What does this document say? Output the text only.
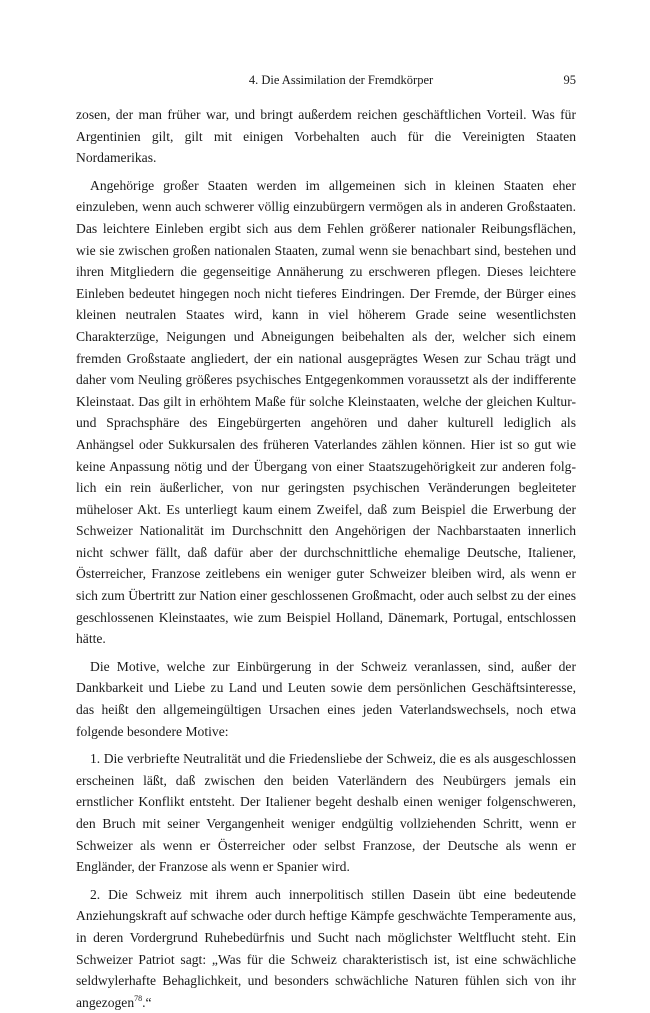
4. Die Assimilation der Fremdkörper	95

zosen, der man früher war, und bringt außerdem reichen geschäftlichen Vorteil. Was für Argentinien gilt, gilt mit einigen Vorbehalten auch für die Vereinigten Staaten Nordamerikas.

Angehörige großer Staaten werden im allgemeinen sich in kleinen Staaten eher einzuleben, wenn auch schwerer völlig einzubürgern vermögen als in anderen Großstaaten. Das leichtere Einleben ergibt sich aus dem Fehlen größerer nationaler Reibungsflächen, wie sie zwischen großen nationalen Staaten, zumal wenn sie benachbart sind, bestehen und ihren Mitgliedern die gegenseitige Annäherung zu erschweren pflegen. Dieses leichtere Einleben bedeutet hingegen noch nicht tieferes Eindringen. Der Fremde, der Bürger eines kleinen neutralen Staates wird, kann in viel höherem Grade seine wesentlichsten Charakterzüge, Neigungen und Abneigungen beibehalten als der, welcher sich einem fremden Großstaate angliedert, der ein national ausgeprägtes Wesen zur Schau trägt und daher vom Neuling größeres psychisches Entgegenkommen voraussetzt als der indifferente Kleinstaat. Das gilt in erhöhtem Maße für solche Kleinstaaten, welche der gleichen Kultur- und Sprachsphäre des Eingebürgerten angehören und daher kulturell lediglich als Anhängsel oder Sukkursalen des früheren Vaterlandes zählen können. Hier ist so gut wie keine Anpassung nötig und der Übergang von einer Staatszugehörigkeit zur anderen folglich ein rein äußerlicher, von nur geringsten psychischen Veränderungen begleiteter müheloser Akt. Es unterliegt kaum einem Zweifel, daß zum Beispiel die Erwerbung der Schweizer Nationalität im Durchschnitt den Angehörigen der Nachbarstaaten innerlich nicht schwer fällt, daß dafür aber der durchschnittliche ehemalige Deutsche, Italiener, Österreicher, Franzose zeitlebens ein weniger guter Schweizer bleiben wird, als wenn er sich zum Übertritt zur Nation einer geschlossenen Großmacht, oder auch selbst zu der eines geschlossenen Kleinstaates, wie zum Beispiel Holland, Dänemark, Portugal, entschlossen hätte.

Die Motive, welche zur Einbürgerung in der Schweiz veranlassen, sind, außer der Dankbarkeit und Liebe zu Land und Leuten sowie dem persönlichen Geschäftsinteresse, das heißt den allgemeingültigen Ursachen eines jeden Vaterlandswechsels, noch etwa folgende besondere Motive:

1. Die verbriefte Neutralität und die Friedensliebe der Schweiz, die es als ausgeschlossen erscheinen läßt, daß zwischen den beiden Vaterländern des Neubürgers jemals ein ernstlicher Konflikt entsteht. Der Italiener begeht deshalb einen weniger folgenschweren, den Bruch mit seiner Vergangenheit weniger endgültig vollziehenden Schritt, wenn er Schweizer als wenn er Österreicher oder selbst Franzose, der Deutsche als wenn er Engländer, der Franzose als wenn er Spanier wird.

2. Die Schweiz mit ihrem auch innerpolitisch stillen Dasein übt eine bedeutende Anziehungskraft auf schwache oder durch heftige Kämpfe geschwächte Temperamente aus, in deren Vordergrund Ruhebedürfnis und Sucht nach möglichster Weltflucht steht. Ein Schweizer Patriot sagt: „Was für die Schweiz charakteristisch ist, ist eine schwächliche seldwylerhafte Behaglichkeit, und besonders schwächliche Naturen fühlen sich von ihr angezogen$^{78}$.“
